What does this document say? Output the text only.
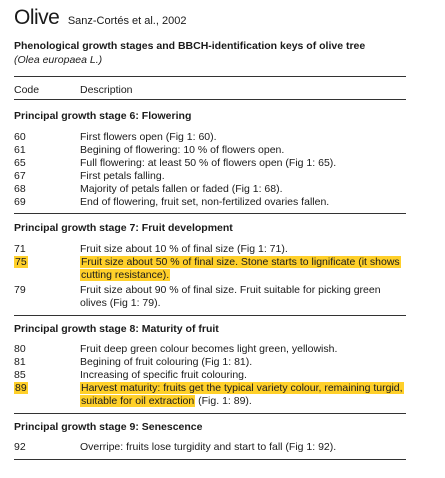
Olive Sanz-Cortés et al., 2002
Phenological growth stages and BBCH-identification keys of olive tree
(Olea europaea L.)
Code	Description
Principal growth stage 6: Flowering
60	First flowers open (Fig 1: 60).
61	Begining of flowering: 10 % of flowers open.
65	Full flowering: at least 50 % of flowers open (Fig 1: 65).
67	First petals falling.
68	Majority of petals fallen or faded (Fig 1: 68).
69	End of flowering, fruit set, non-fertilized ovaries fallen.
Principal growth stage 7: Fruit development
71	Fruit size about 10 % of final size (Fig 1: 71).
75	Fruit size about 50 % of final size. Stone starts to lignificate (it shows cutting resistance).
79	Fruit size about 90 % of final size. Fruit suitable for picking green olives (Fig 1: 79).
Principal growth stage 8: Maturity of fruit
80	Fruit deep green colour becomes light green, yellowish.
81	Begining of fruit colouring (Fig 1: 81).
85	Increasing of specific fruit colouring.
89	Harvest maturity: fruits get the typical variety colour, remaining turgid, suitable for oil extraction (Fig. 1: 89).
Principal growth stage 9: Senescence
92	Overripe: fruits lose turgidity and start to fall (Fig 1: 92).
